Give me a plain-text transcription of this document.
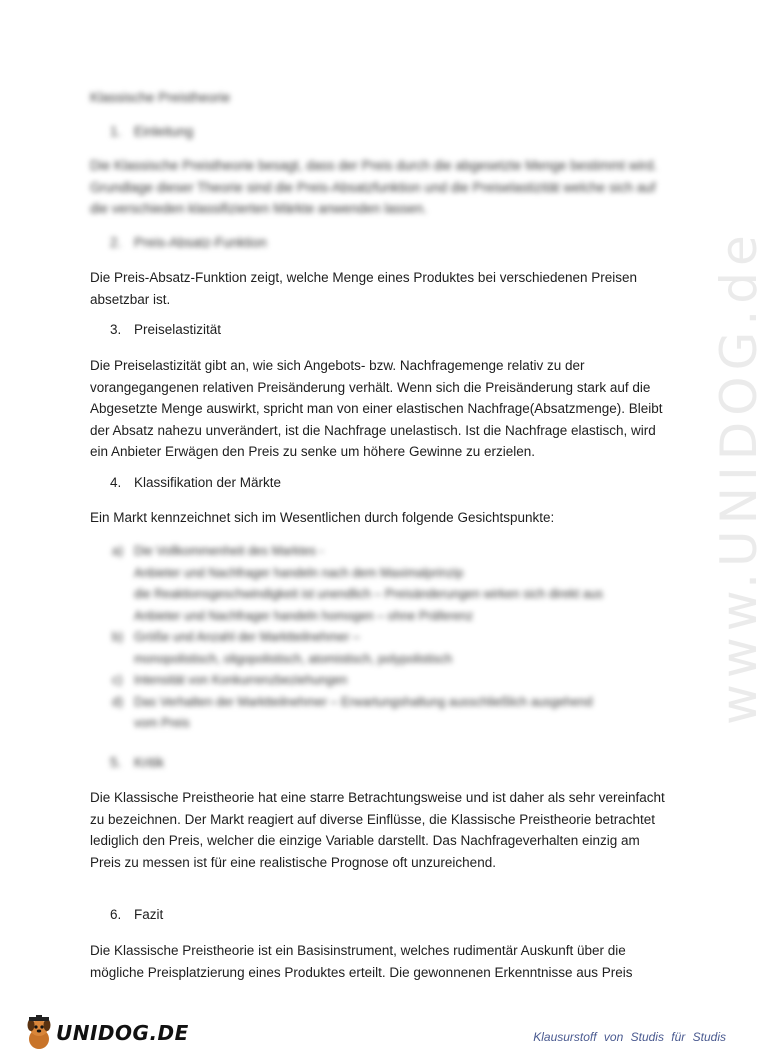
www.UNIDOG.de
Klassische Preistheorie
1. Einleitung

Die Klassische Preistheorie besagt, dass der Preis durch die abgesetzte Menge bestimmt wird. Grundlage dieser Theorie sind die Preis-Absatzfunktion und die Preiselastizität welche sich auf die verschieden klassifizierten Märkte anwenden lassen.

2. Preis-Absatz-Funktion

Die Preis-Absatz-Funktion zeigt, welche Menge eines Produktes bei verschiedenen Preisen absetzbar ist.

3. Preiselastizität

Die Preiselastizität gibt an, wie sich Angebots- bzw. Nachfragemenge relativ zu der vorangegangenen relativen Preisänderung verhält. Wenn sich die Preisänderung stark auf die Abgesetzte Menge auswirkt, spricht man von einer elastischen Nachfrage(Absatzmenge). Bleibt der Absatz nahezu unverändert, ist die Nachfrage unelastisch. Ist die Nachfrage elastisch, wird ein Anbieter Erwägen den Preis zu senke um höhere Gewinne zu erzielen.

4. Klassifikation der Märkte

Ein Markt kennzeichnet sich im Wesentlichen durch folgende Gesichtspunkte:

a) Die Vollkommenheit des Marktes -
Anbieter und Nachfrager handeln nach dem Maximalprinzip
die Reaktionsgeschwindigkeit ist unendlich – Preisänderungen wirken sich direkt aus
Anbieter und Nachfrager handeln homogen – ohne Präferenz
b) Größe und Anzahl der Marktteilnehmer –
monopolistisch, oligopolistisch, atomistisch, polypolistisch
c) Intensität von Konkurrenzbeziehungen
d) Das Verhalten der Marktteilnehmer – Erwartungshaltung ausschließlich ausgehend
vom Preis
5. Kritik

Die Klassische Preistheorie hat eine starre Betrachtungsweise und ist daher als sehr vereinfacht zu bezeichnen. Der Markt reagiert auf diverse Einflüsse, die Klassische Preistheorie betrachtet lediglich den Preis, welcher die einzige Variable darstellt. Das Nachfrageverhalten einzig am Preis zu messen ist für eine realistische Prognose oft unzureichend.

6. Fazit

Die Klassische Preistheorie ist ein Basisinstrument, welches rudimentär Auskunft über die mögliche Preisplatzierung eines Produktes erteilt. Die gewonnenen Erkenntnisse aus Preis

UNIDOG.DE	Klausurstoff von Studis für Studis
